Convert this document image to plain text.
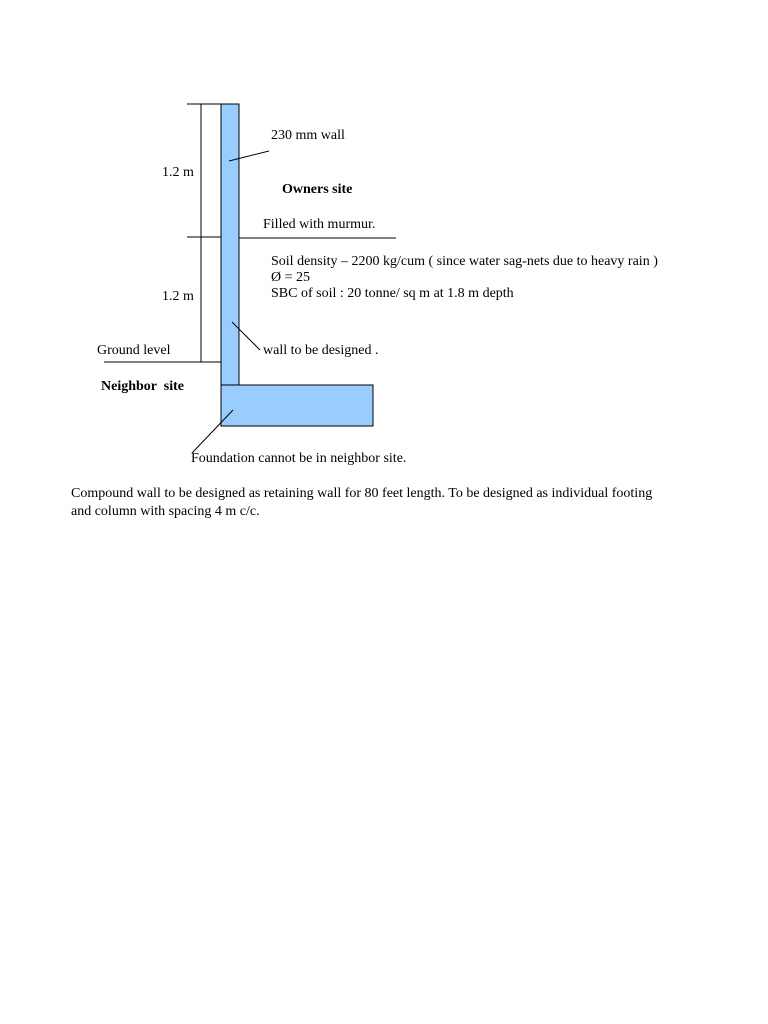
230 mm wall
1.2 m
Owners site
Filled with murmur.
Soil density – 2200 kg/cum ( since water sag-nets due to heavy rain )
Ø = 25
SBC of soil : 20 tonne/ sq m at 1.8 m depth
1.2 m
Ground level	wall to be designed .
Neighbor  site
Foundation cannot be in neighbor site.

Compound wall to be designed as retaining wall for 80 feet length. To be designed as individual footing and column with spacing 4 m c/c.
